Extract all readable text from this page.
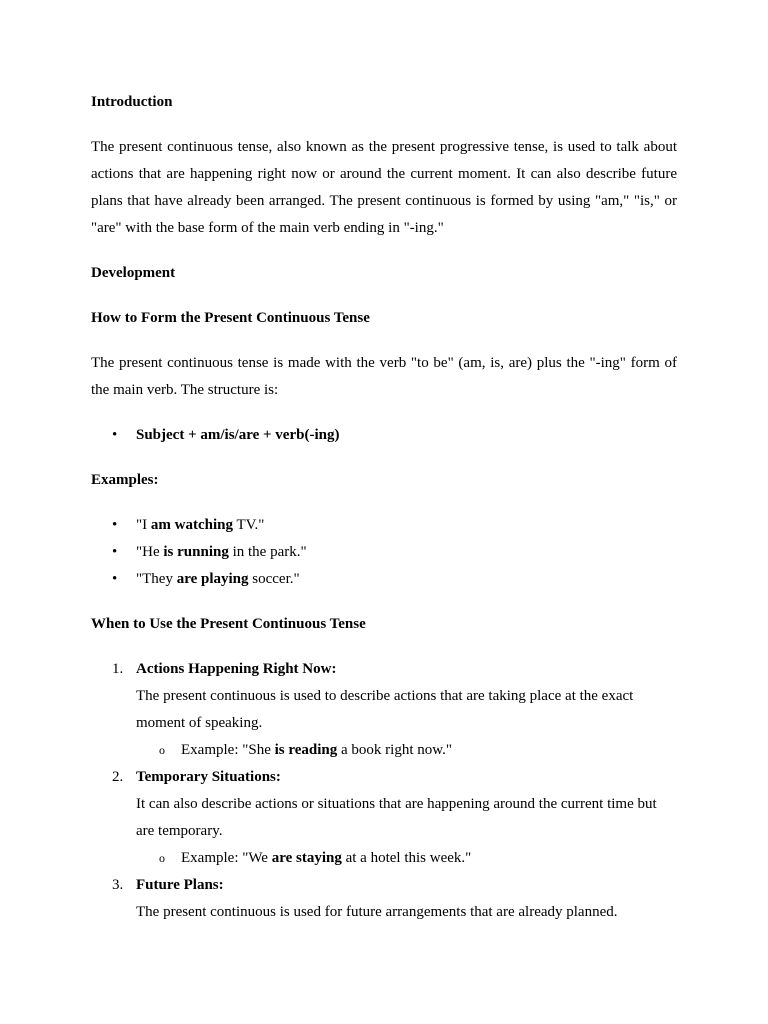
Introduction
The present continuous tense, also known as the present progressive tense, is used to talk about actions that are happening right now or around the current moment. It can also describe future plans that have already been arranged. The present continuous is formed by using "am," "is," or "are" with the base form of the main verb ending in "-ing."
Development
How to Form the Present Continuous Tense
The present continuous tense is made with the verb "to be" (am, is, are) plus the "-ing" form of the main verb. The structure is:
• Subject + am/is/are + verb(-ing)
Examples:
• "I am watching TV."
• "He is running in the park."
• "They are playing soccer."
When to Use the Present Continuous Tense
1. Actions Happening Right Now:
The present continuous is used to describe actions that are taking place at the exact moment of speaking.
o Example: "She is reading a book right now."
2. Temporary Situations:
It can also describe actions or situations that are happening around the current time but are temporary.
o Example: "We are staying at a hotel this week."
3. Future Plans:
The present continuous is used for future arrangements that are already planned.
